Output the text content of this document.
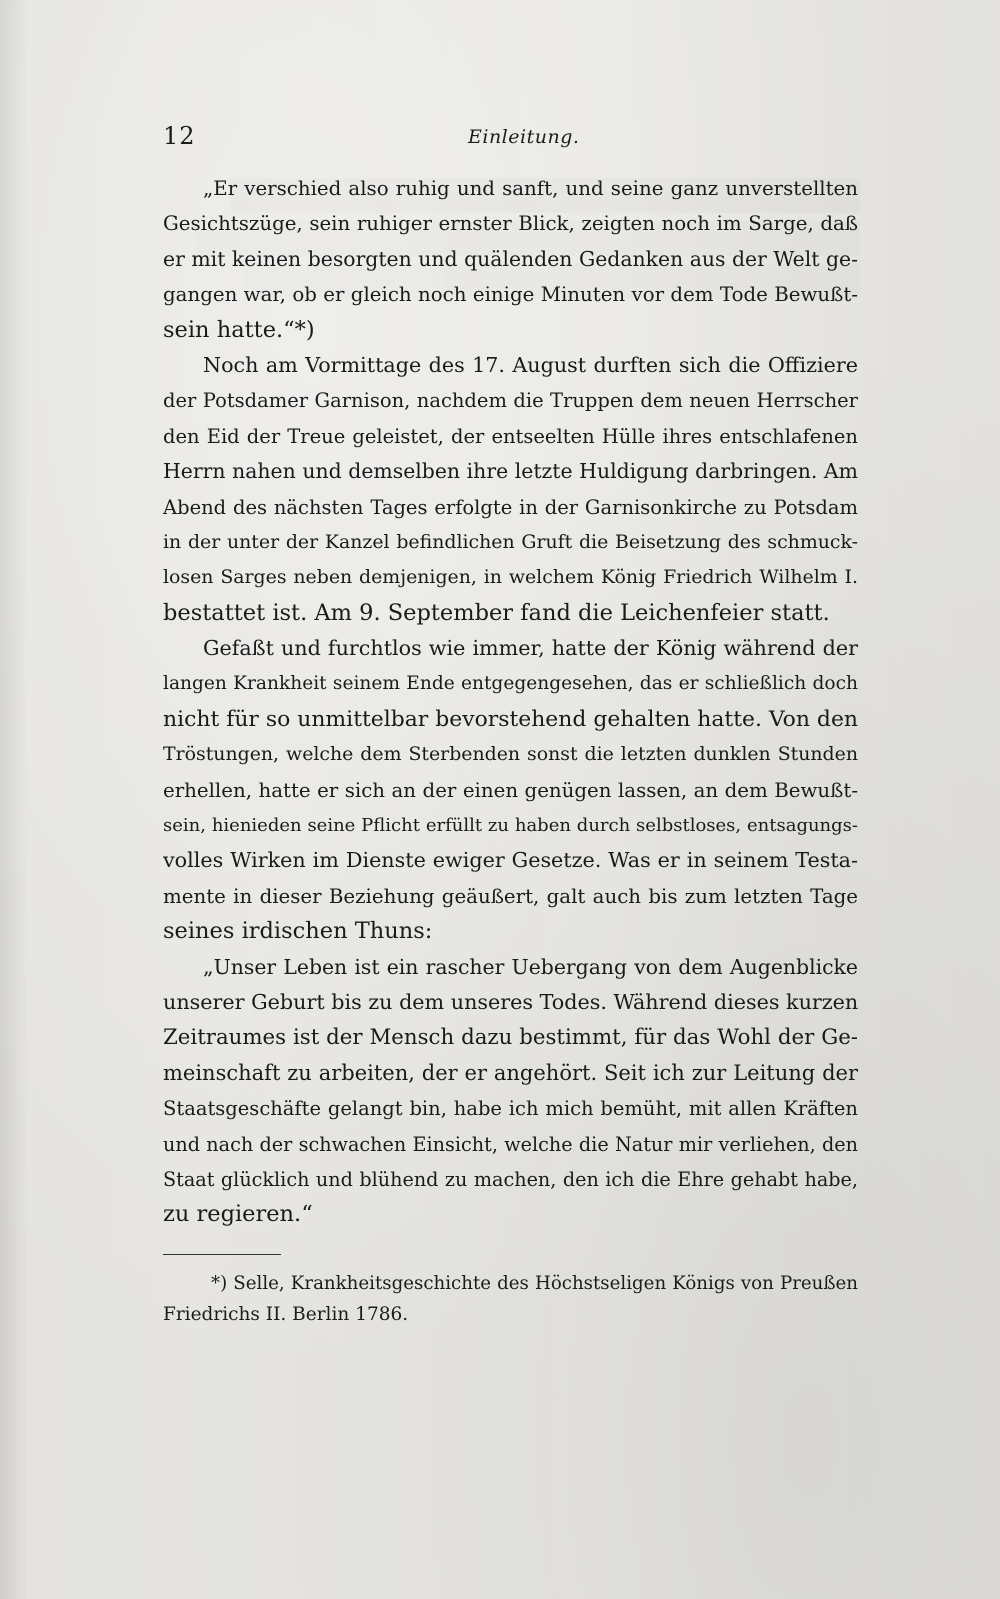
12	Einleitung.
„Er verschied also ruhig und sanft, und seine ganz unverstellten
Gesichtszüge, sein ruhiger ernster Blick, zeigten noch im Sarge, daß
er mit keinen besorgten und quälenden Gedanken aus der Welt ge-
gangen war, ob er gleich noch einige Minuten vor dem Tode Bewußt-
sein hatte.“*)
Noch am Vormittage des 17. August durften sich die Offiziere
der Potsdamer Garnison, nachdem die Truppen dem neuen Herrscher
den Eid der Treue geleistet, der entseelten Hülle ihres entschlafenen
Herrn nahen und demselben ihre letzte Huldigung darbringen. Am
Abend des nächsten Tages erfolgte in der Garnisonkirche zu Potsdam
in der unter der Kanzel befindlichen Gruft die Beisetzung des schmuck-
losen Sarges neben demjenigen, in welchem König Friedrich Wilhelm I.
bestattet ist. Am 9. September fand die Leichenfeier statt.
Gefaßt und furchtlos wie immer, hatte der König während der
langen Krankheit seinem Ende entgegengesehen, das er schließlich doch
nicht für so unmittelbar bevorstehend gehalten hatte. Von den
Tröstungen, welche dem Sterbenden sonst die letzten dunklen Stunden
erhellen, hatte er sich an der einen genügen lassen, an dem Bewußt-
sein, hienieden seine Pflicht erfüllt zu haben durch selbstloses, entsagungs-
volles Wirken im Dienste ewiger Gesetze. Was er in seinem Testa-
mente in dieser Beziehung geäußert, galt auch bis zum letzten Tage
seines irdischen Thuns:
„Unser Leben ist ein rascher Uebergang von dem Augenblicke
unserer Geburt bis zu dem unseres Todes. Während dieses kurzen
Zeitraumes ist der Mensch dazu bestimmt, für das Wohl der Ge-
meinschaft zu arbeiten, der er angehört. Seit ich zur Leitung der
Staatsgeschäfte gelangt bin, habe ich mich bemüht, mit allen Kräften
und nach der schwachen Einsicht, welche die Natur mir verliehen, den
Staat glücklich und blühend zu machen, den ich die Ehre gehabt habe,
zu regieren.“
*) Selle, Krankheitsgeschichte des Höchstseligen Königs von Preußen
Friedrichs II. Berlin 1786.
